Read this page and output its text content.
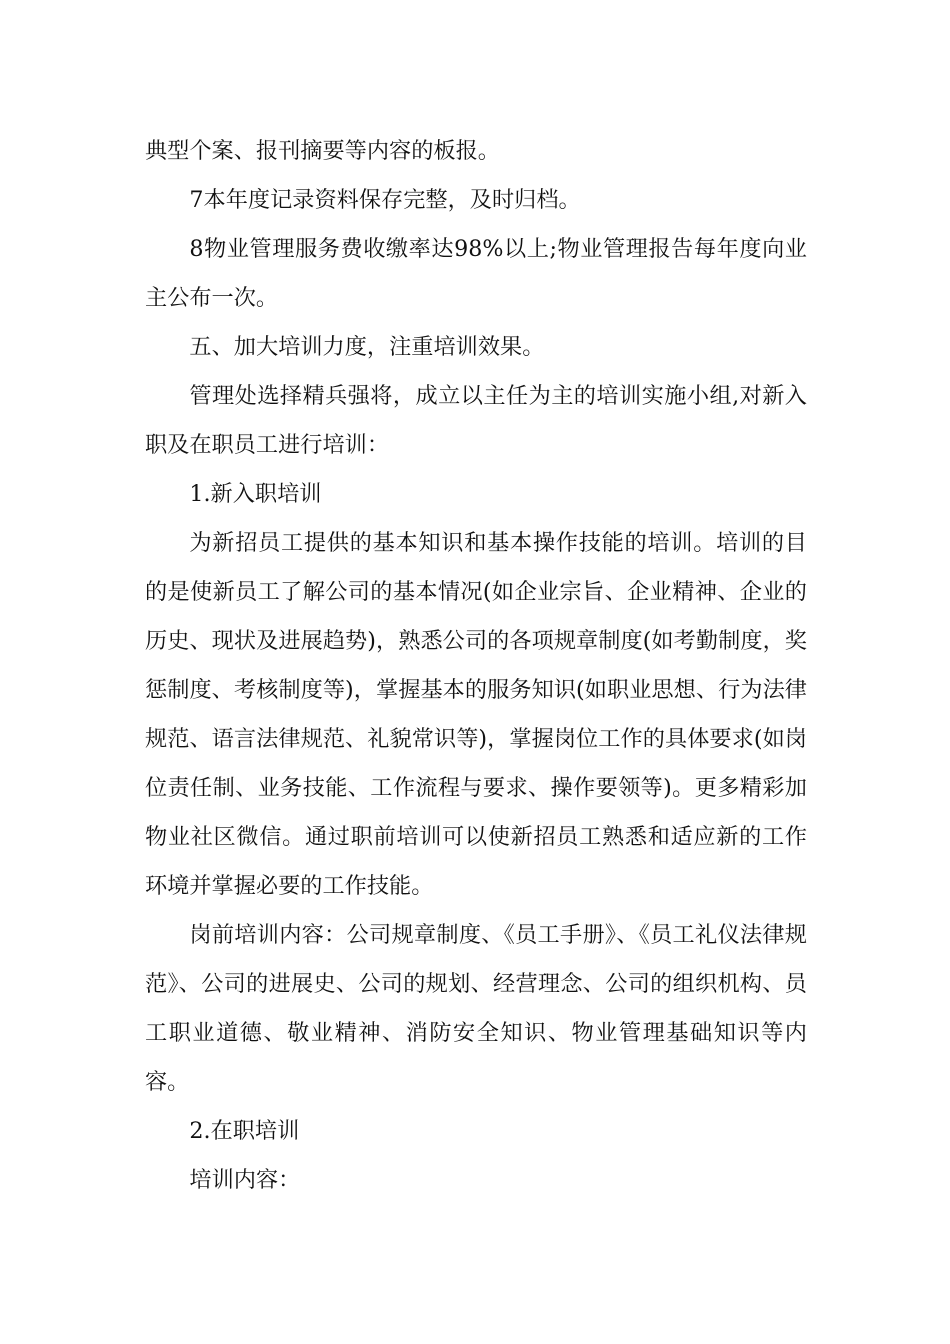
典型个案、报刊摘要等内容的板报。

7本年度记录资料保存完整，及时归档。

8物业管理服务费收缴率达98%以上;物业管理报告每年度向业主公布一次。

五、加大培训力度，注重培训效果。

管理处选择精兵强将，成立以主任为主的培训实施小组,对新入职及在职员工进行培训：

1.新入职培训

为新招员工提供的基本知识和基本操作技能的培训。培训的目的是使新员工了解公司的基本情况(如企业宗旨、企业精神、企业的历史、现状及进展趋势)，熟悉公司的各项规章制度(如考勤制度，奖惩制度、考核制度等)，掌握基本的服务知识(如职业思想、行为法律规范、语言法律规范、礼貌常识等)，掌握岗位工作的具体要求(如岗位责任制、业务技能、工作流程与要求、操作要领等)。更多精彩加物业社区微信。通过职前培训可以使新招员工熟悉和适应新的工作环境并掌握必要的工作技能。

岗前培训内容：公司规章制度、《员工手册》、《员工礼仪法律规范》、公司的进展史、公司的规划、经营理念、公司的组织机构、员工职业道德、敬业精神、消防安全知识、物业管理基础知识等内容。

2.在职培训

培训内容：
